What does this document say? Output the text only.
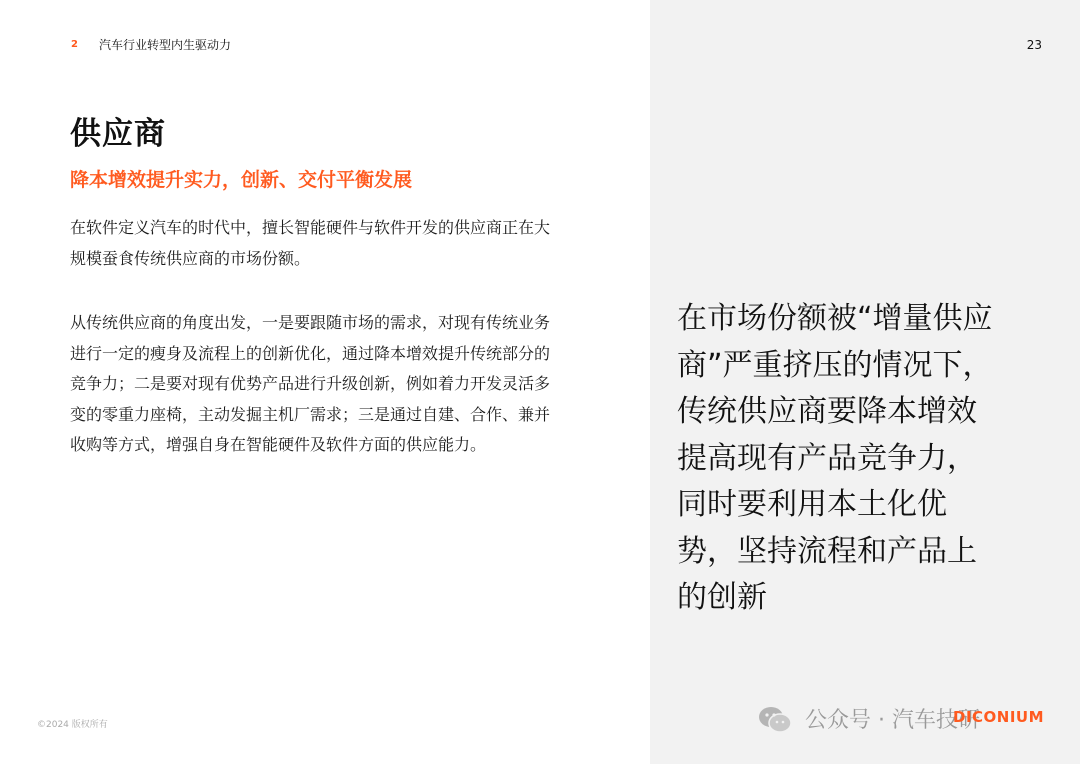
2	汽车行业转型内生驱动力
供应商
降本增效提升实力，创新、交付平衡发展

在软件定义汽车的时代中，擅长智能硬件与软件开发的供应商正在大规模蚕食传统供应商的市场份额。

从传统供应商的角度出发，一是要跟随市场的需求，对现有传统业务进行一定的瘦身及流程上的创新优化，通过降本增效提升传统部分的竞争力；二是要对现有优势产品进行升级创新，例如着力开发灵活多变的零重力座椅，主动发掘主机厂需求；三是通过自建、合作、兼并收购等方式，增强自身在智能硬件及软件方面的供应能力。

©2024 版权所有
23

在市场份额被“增量供应商”严重挤压的情况下，传统供应商要降本增效提高现有产品竞争力，同时要利用本土化优势，坚持流程和产品上的创新

公众号 · 汽车技研
DICONIUM
